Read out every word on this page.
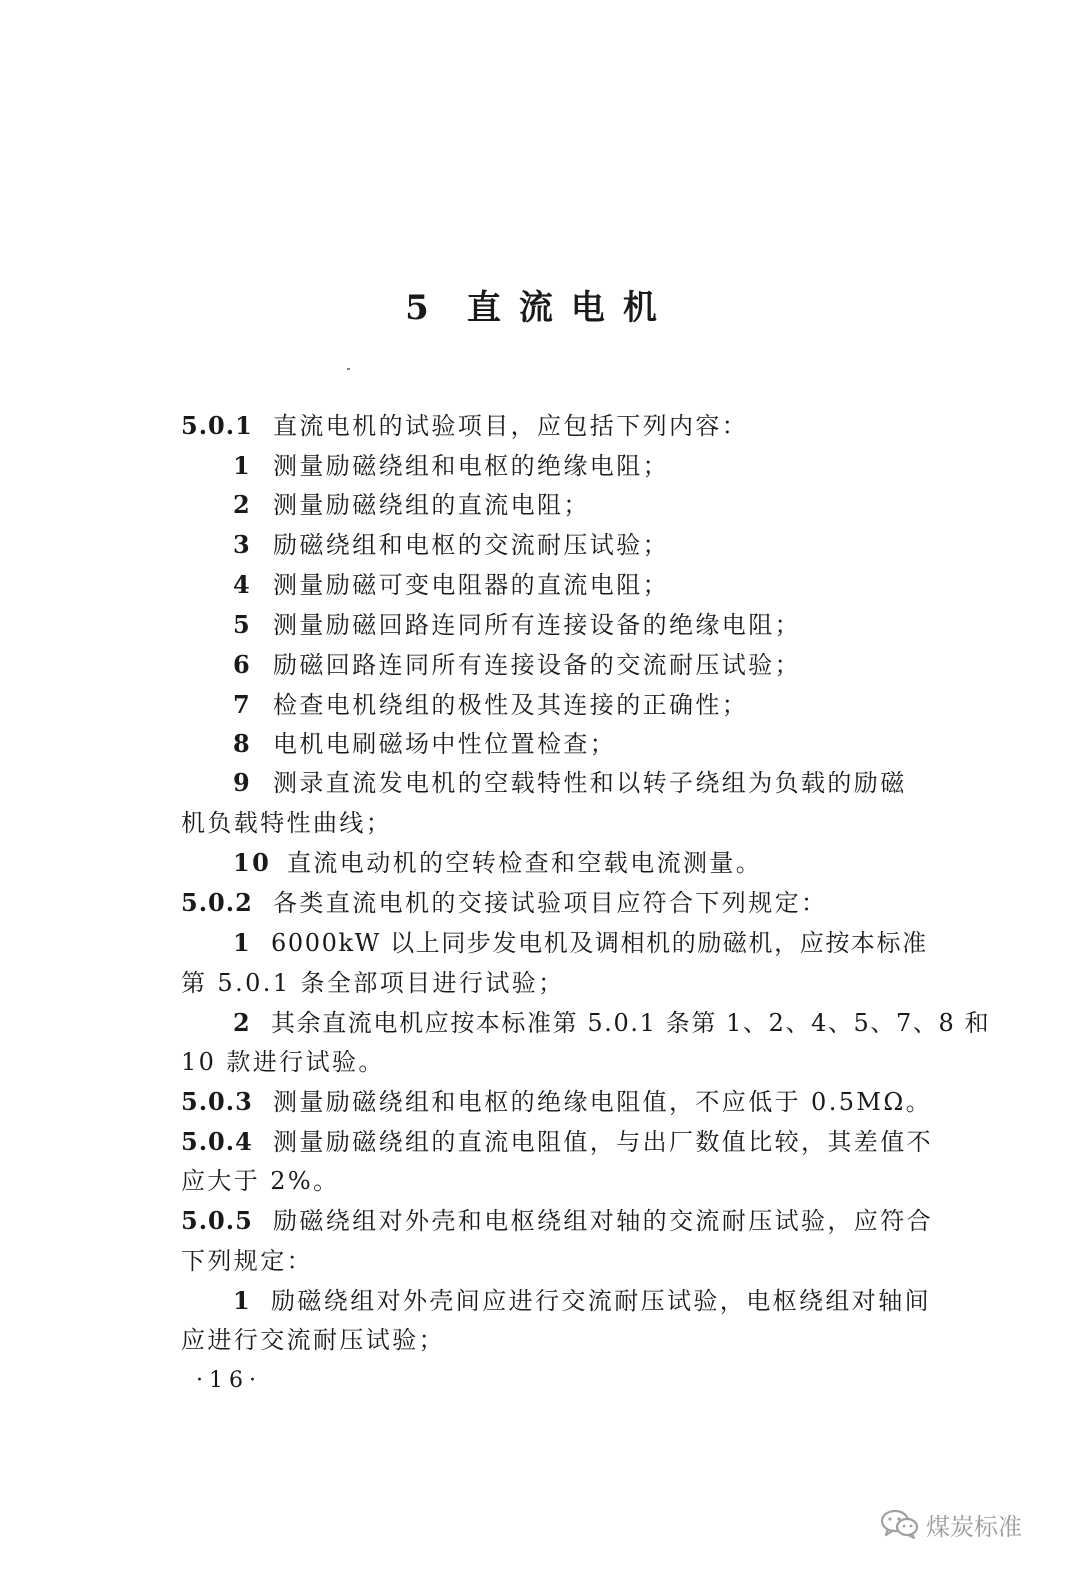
5 直流电机
5.0.1 直流电机的试验项目，应包括下列内容：
1 测量励磁绕组和电枢的绝缘电阻；
2 测量励磁绕组的直流电阻；
3 励磁绕组和电枢的交流耐压试验；
4 测量励磁可变电阻器的直流电阻；
5 测量励磁回路连同所有连接设备的绝缘电阻；
6 励磁回路连同所有连接设备的交流耐压试验；
7 检查电机绕组的极性及其连接的正确性；
8 电机电刷磁场中性位置检查；
9 测录直流发电机的空载特性和以转子绕组为负载的励磁
机负载特性曲线；
10 直流电动机的空转检查和空载电流测量。
5.0.2 各类直流电机的交接试验项目应符合下列规定：
1 6000kW 以上同步发电机及调相机的励磁机，应按本标准
第 5.0.1 条全部项目进行试验；
2 其余直流电机应按本标准第 5.0.1 条第 1、2、4、5、7、8 和
10 款进行试验。
5.0.3 测量励磁绕组和电枢的绝缘电阻值，不应低于 0.5MΩ。
5.0.4 测量励磁绕组的直流电阻值，与出厂数值比较，其差值不
应大于 2%。
5.0.5 励磁绕组对外壳和电枢绕组对轴的交流耐压试验，应符合
下列规定：
1 励磁绕组对外壳间应进行交流耐压试验，电枢绕组对轴间
应进行交流耐压试验；
·16·
煤炭标准
